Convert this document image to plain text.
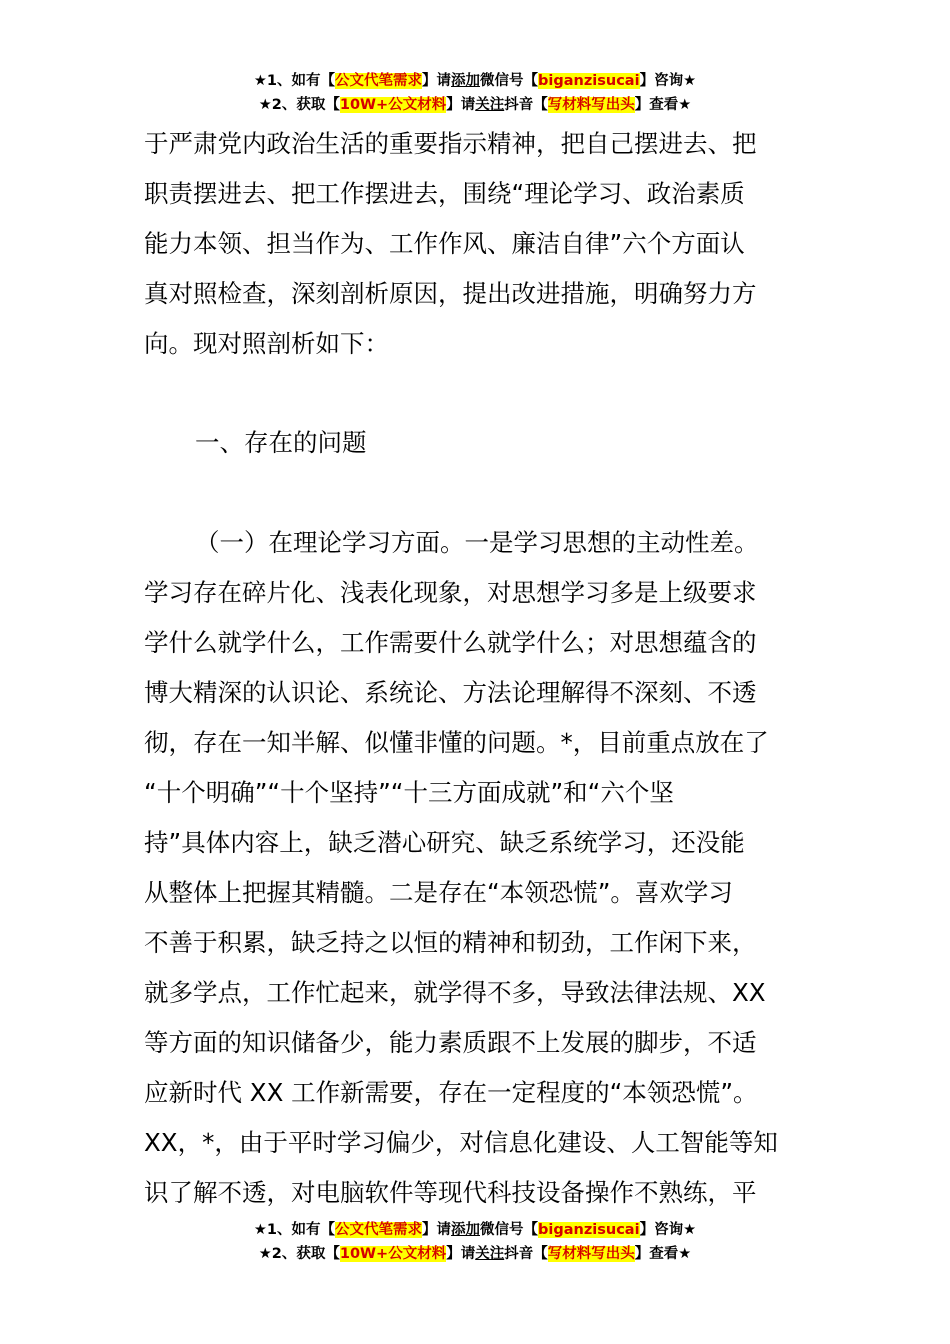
★1、如有【公文代笔需求】请添加微信号【biganzisucai】咨询★
★2、获取【10W+公文材料】请关注抖音【写材料写出头】查看★
于严肃党内政治生活的重要指示精神，把自己摆进去、把
职责摆进去、把工作摆进去，围绕“理论学习、政治素质
能力本领、担当作为、工作作风、廉洁自律”六个方面认
真对照检查，深刻剖析原因，提出改进措施，明确努力方
向。现对照剖析如下：
一、存在的问题
（一）在理论学习方面。一是学习思想的主动性差。
学习存在碎片化、浅表化现象，对思想学习多是上级要求
学什么就学什么，工作需要什么就学什么；对思想蕴含的
博大精深的认识论、系统论、方法论理解得不深刻、不透
彻，存在一知半解、似懂非懂的问题。*，目前重点放在了
“十个明确”“十个坚持”“十三方面成就”和“六个坚
持”具体内容上，缺乏潜心研究、缺乏系统学习，还没能
从整体上把握其精髓。二是存在“本领恐慌”。喜欢学习
不善于积累，缺乏持之以恒的精神和韧劲，工作闲下来，
就多学点，工作忙起来，就学得不多，导致法律法规、XX
等方面的知识储备少，能力素质跟不上发展的脚步，不适
应新时代 XX 工作新需要，存在一定程度的“本领恐慌”。
XX，*，由于平时学习偏少，对信息化建设、人工智能等知
识了解不透，对电脑软件等现代科技设备操作不熟练，平
★1、如有【公文代笔需求】请添加微信号【biganzisucai】咨询★
★2、获取【10W+公文材料】请关注抖音【写材料写出头】查看★
